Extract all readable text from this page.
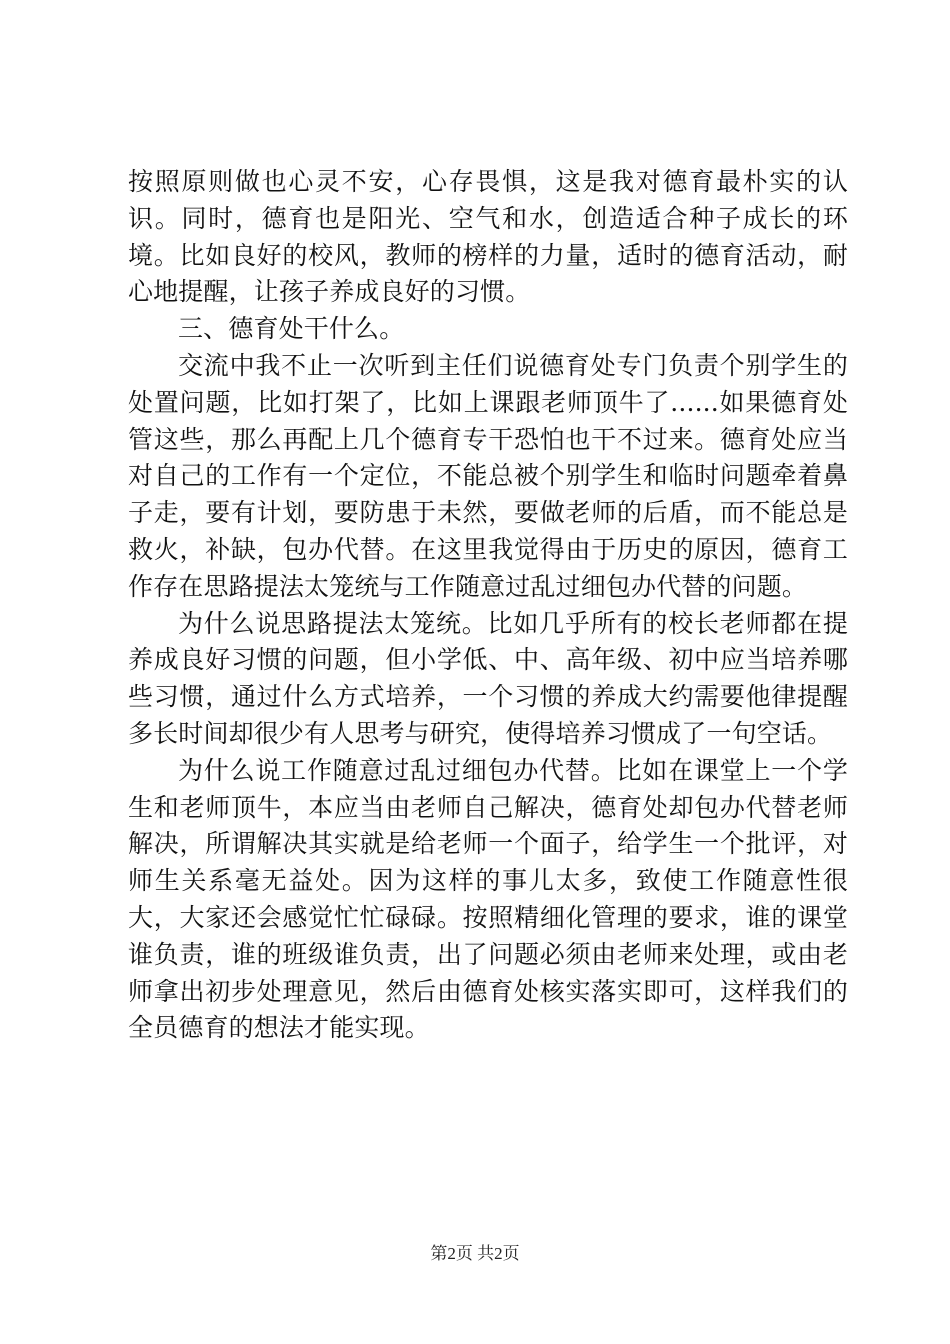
按照原则做也心灵不安，心存畏惧，这是我对德育最朴实的认识。同时，德育也是阳光、空气和水，创造适合种子成长的环境。比如良好的校风，教师的榜样的力量，适时的德育活动，耐心地提醒，让孩子养成良好的习惯。

三、德育处干什么。

交流中我不止一次听到主任们说德育处专门负责个别学生的处置问题，比如打架了，比如上课跟老师顶牛了......如果德育处管这些，那么再配上几个德育专干恐怕也干不过来。德育处应当对自己的工作有一个定位，不能总被个别学生和临时问题牵着鼻子走，要有计划，要防患于未然，要做老师的后盾，而不能总是救火，补缺，包办代替。在这里我觉得由于历史的原因，德育工作存在思路提法太笼统与工作随意过乱过细包办代替的问题。

为什么说思路提法太笼统。比如几乎所有的校长老师都在提养成良好习惯的问题，但小学低、中、高年级、初中应当培养哪些习惯，通过什么方式培养，一个习惯的养成大约需要他律提醒多长时间却很少有人思考与研究，使得培养习惯成了一句空话。

为什么说工作随意过乱过细包办代替。比如在课堂上一个学生和老师顶牛，本应当由老师自己解决，德育处却包办代替老师解决，所谓解决其实就是给老师一个面子，给学生一个批评，对师生关系毫无益处。因为这样的事儿太多，致使工作随意性很大，大家还会感觉忙忙碌碌。按照精细化管理的要求，谁的课堂谁负责，谁的班级谁负责，出了问题必须由老师来处理，或由老师拿出初步处理意见，然后由德育处核实落实即可，这样我们的全员德育的想法才能实现。

第2页 共2页
